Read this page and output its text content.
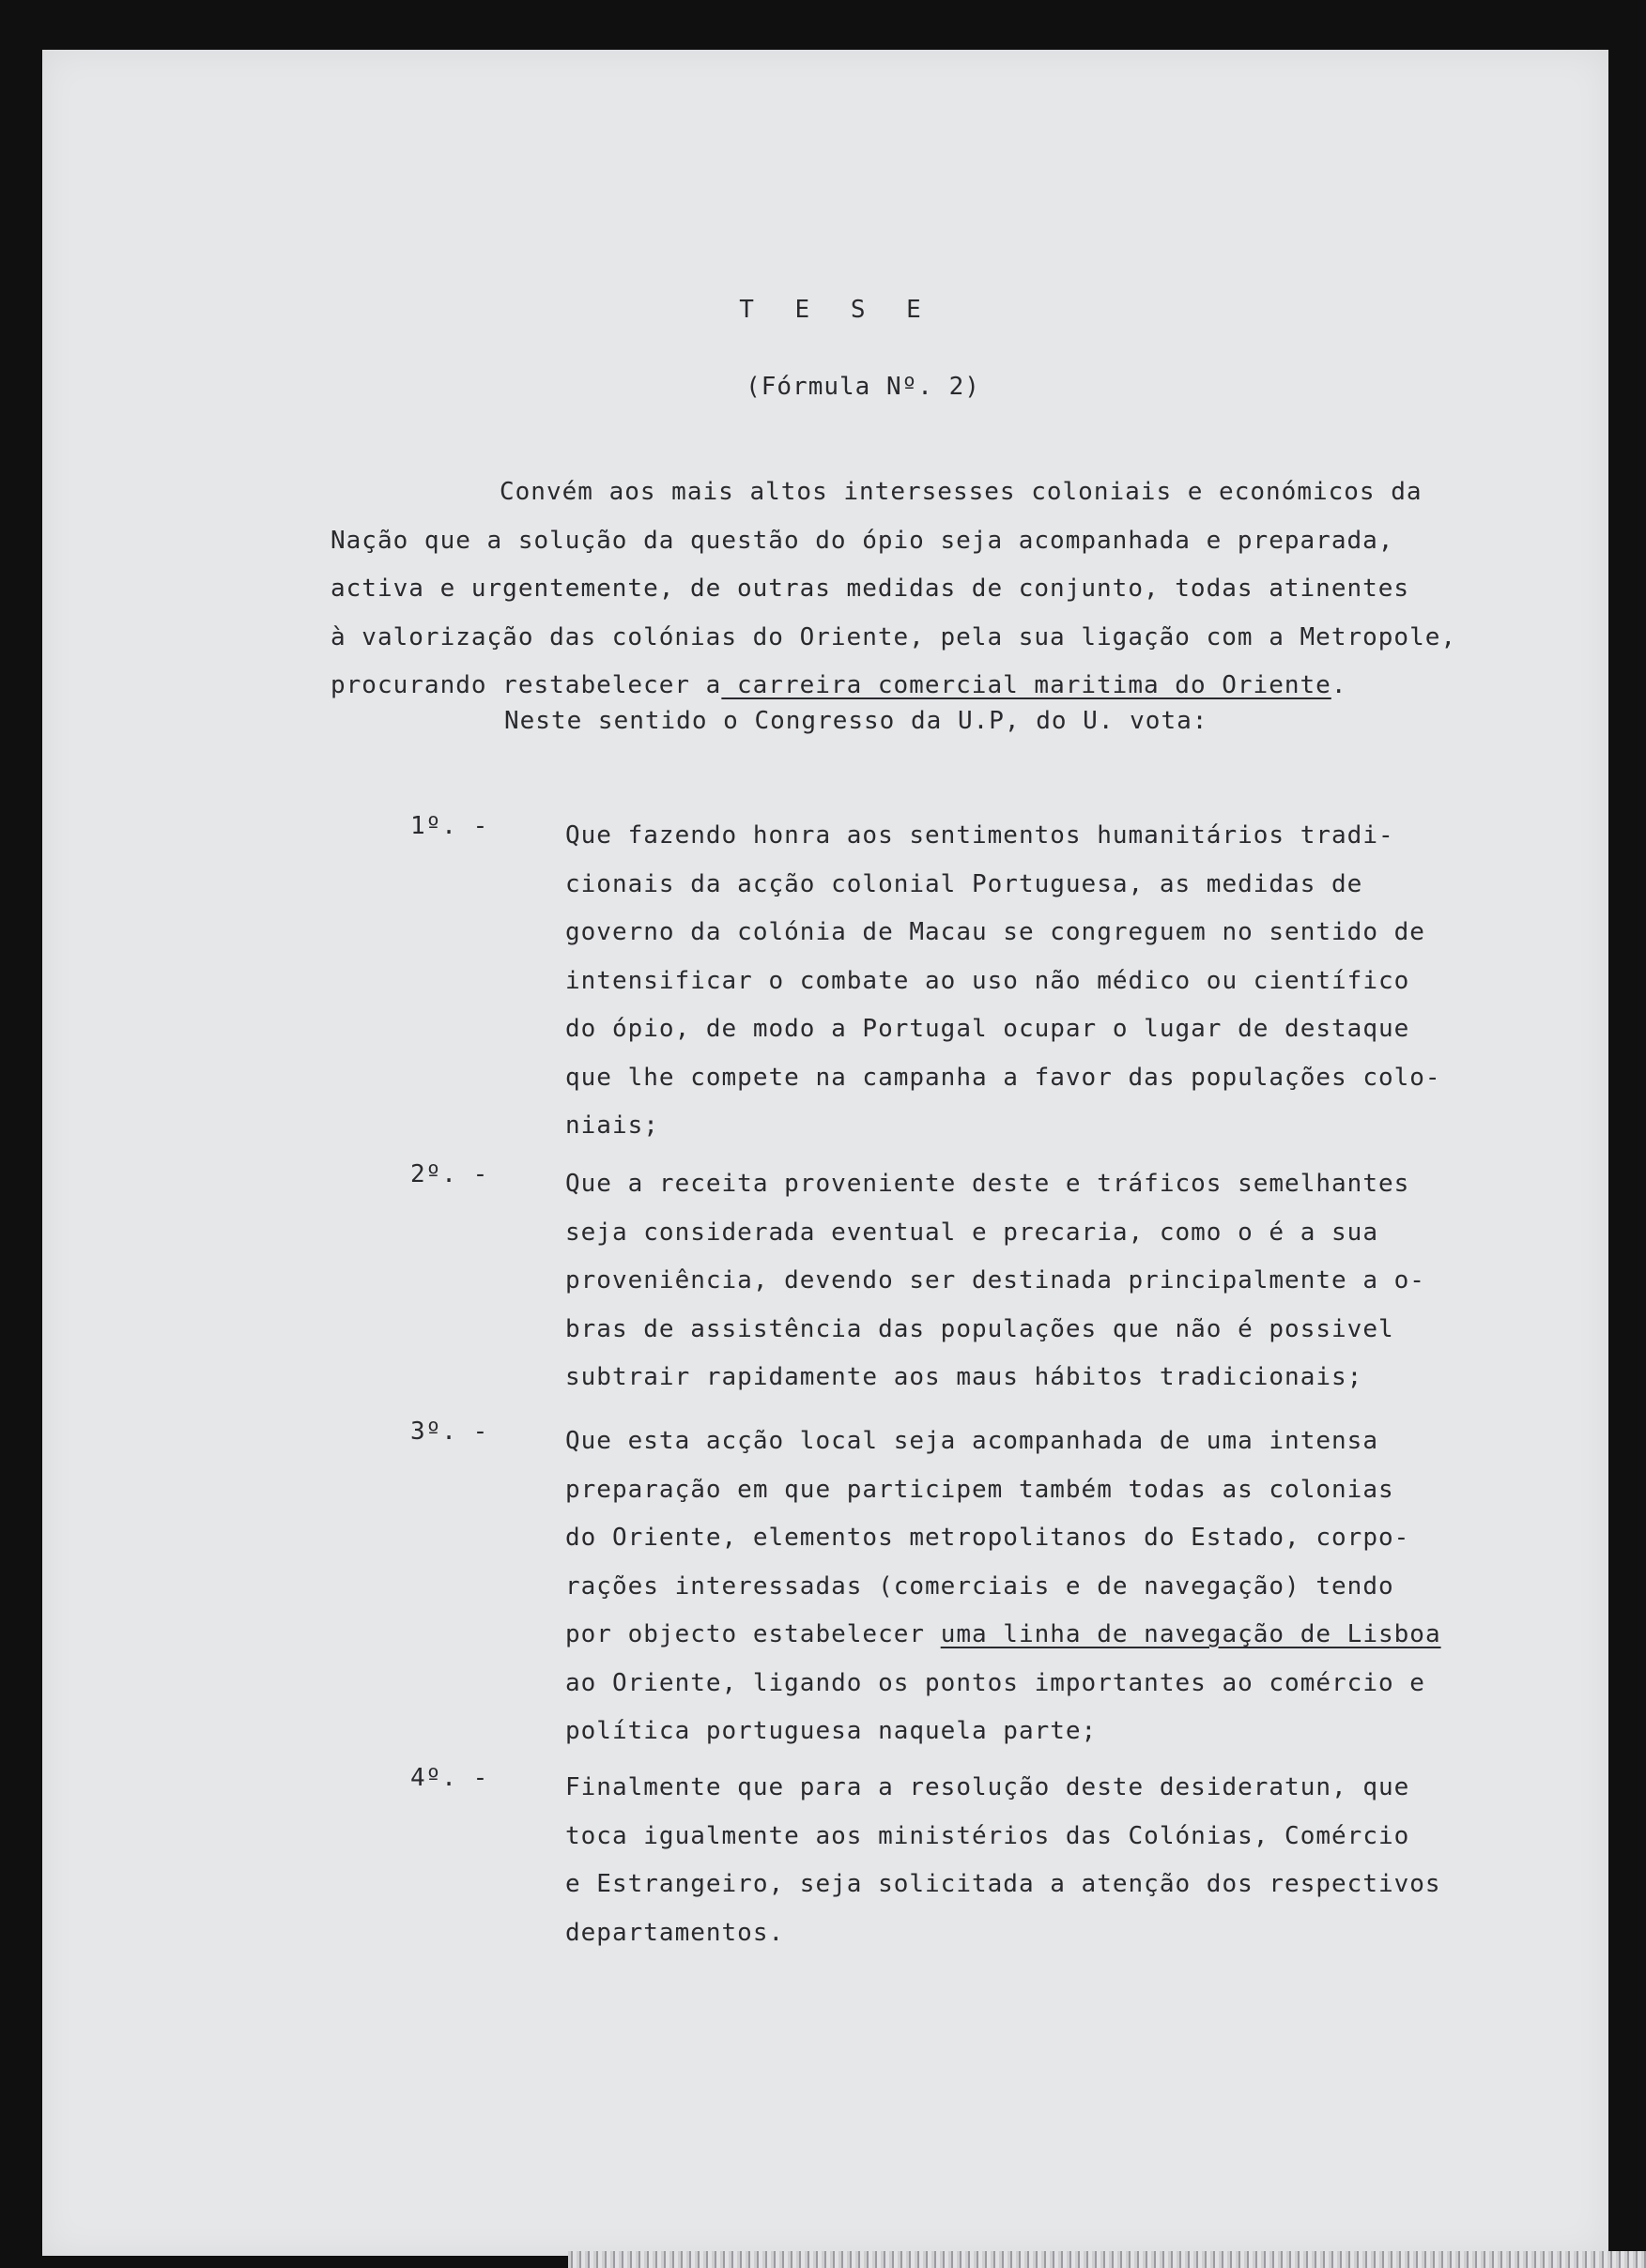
T E S E
(Fórmula Nº. 2)

Convém aos mais altos intersesses coloniais e económicos da

Nação que a solução da questão do ópio seja acompanhada e preparada,

activa e urgentemente, de outras medidas de conjunto, todas atinentes

à valorização das colónias do Oriente, pela sua ligação com a Metropole,

procurando restabelecer a carreira comercial maritima do Oriente.

Neste sentido o Congresso da U.P, do U. vota:
1º. -	Que fazendo honra aos sentimentos humanitários tradi-
cionais da acção colonial Portuguesa, as medidas de
governo da colónia de Macau se congreguem no sentido de
intensificar o combate ao uso não médico ou científico
do ópio, de modo a Portugal ocupar o lugar de destaque
que lhe compete na campanha a favor das populações colo-
niais;
2º. -	Que a receita proveniente deste e tráficos semelhantes
seja considerada eventual e precaria, como o é a sua
proveniência, devendo ser destinada principalmente a o-
bras de assistência das populações que não é possivel
subtrair rapidamente aos maus hábitos tradicionais;
3º. -	Que esta acção local seja acompanhada de uma intensa
preparação em que participem também todas as colonias
do Oriente, elementos metropolitanos do Estado, corpo-
rações interessadas (comerciais e de navegação) tendo
por objecto estabelecer uma linha de navegação de Lisboa
ao Oriente, ligando os pontos importantes ao comércio e
política portuguesa naquela parte;
4º. -	Finalmente que para a resolução deste desideratun, que
toca igualmente aos ministérios das Colónias, Comércio
e Estrangeiro, seja solicitada a atenção dos respectivos
departamentos.
